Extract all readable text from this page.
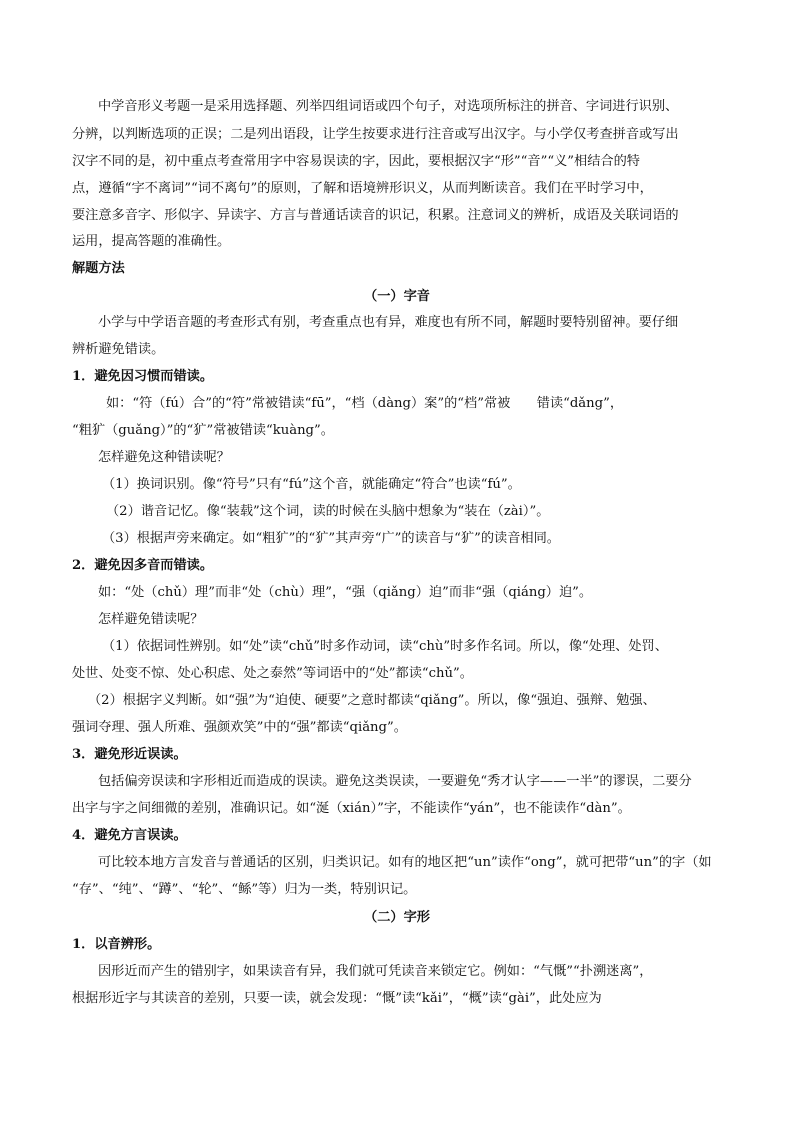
中学音形义考题一是采用选择题、列举四组词语或四个句子，对选项所标注的拼音、字词进行识别、
分辨，以判断选项的正误；二是列出语段，让学生按要求进行注音或写出汉字。与小学仅考查拼音或写出
汉字不同的是，初中重点考查常用字中容易误读的字，因此，要根据汉字“形”“音”“义”相结合的特
点，遵循“字不离词”“词不离句”的原则，了解和语境辨形识义，从而判断读音。我们在平时学习中，
要注意多音字、形似字、异读字、方言与普通话读音的识记，积累。注意词义的辨析，成语及关联词语的
运用，提高答题的准确性。
解题方法
（一）字音
小学与中学语音题的考查形式有别，考查重点也有异，难度也有所不同，解题时要特别留神。要仔细
辨析避免错读。
1．避免因习惯而错读。
如：“符（fú）合”的“符”常被错读“fū”，“档（dàng）案”的“档”常被　　错读“dǎng”，
“粗犷（guǎng）”的“犷”常被错读“kuàng”。
怎样避免这种错读呢？
（1）换词识别。像“符号”只有“fú”这个音，就能确定“符合”也读“fú”。
（2）谐音记忆。像“装载”这个词，读的时候在头脑中想象为“装在（zài）”。
（3）根据声旁来确定。如“粗犷”的“犷”其声旁“广”的读音与“犷”的读音相同。
2．避免因多音而错读。
如：“处（chǔ）理”而非“处（chù）理”，“强（qiǎng）迫”而非“强（qiáng）迫”。
怎样避免错读呢？
（1）依据词性辨别。如“处”读“chǔ”时多作动词，读“chù”时多作名词。所以，像“处理、处罚、
处世、处变不惊、处心积虑、处之泰然”等词语中的“处”都读“chǔ”。
（2）根据字义判断。如“强”为“迫使、硬要”之意时都读“qiǎng”。所以，像“强迫、强辩、勉强、
强词夺理、强人所难、强颜欢笑”中的“强”都读“qiǎng”。
3．避免形近误读。
包括偏旁误读和字形相近而造成的误读。避免这类误读，一要避免“秀才认字——一半”的谬误，二要分
出字与字之间细微的差别，准确识记。如“涎（xián）”字，不能读作“yán”，也不能读作“dàn”。
4．避免方言误读。
可比较本地方言发音与普通话的区别，归类识记。如有的地区把“un”读作“ong”，就可把带“un”的字（如
“存”、“纯”、“蹲”、“轮”、“鲧”等）归为一类，特别识记。
（二）字形
1．以音辨形。
因形近而产生的错别字，如果读音有异，我们就可凭读音来锁定它。例如：“气慨”“扑溯迷离”，
根据形近字与其读音的差别，只要一读，就会发现：“慨”读“kǎi”，“概”读“gài”，此处应为
